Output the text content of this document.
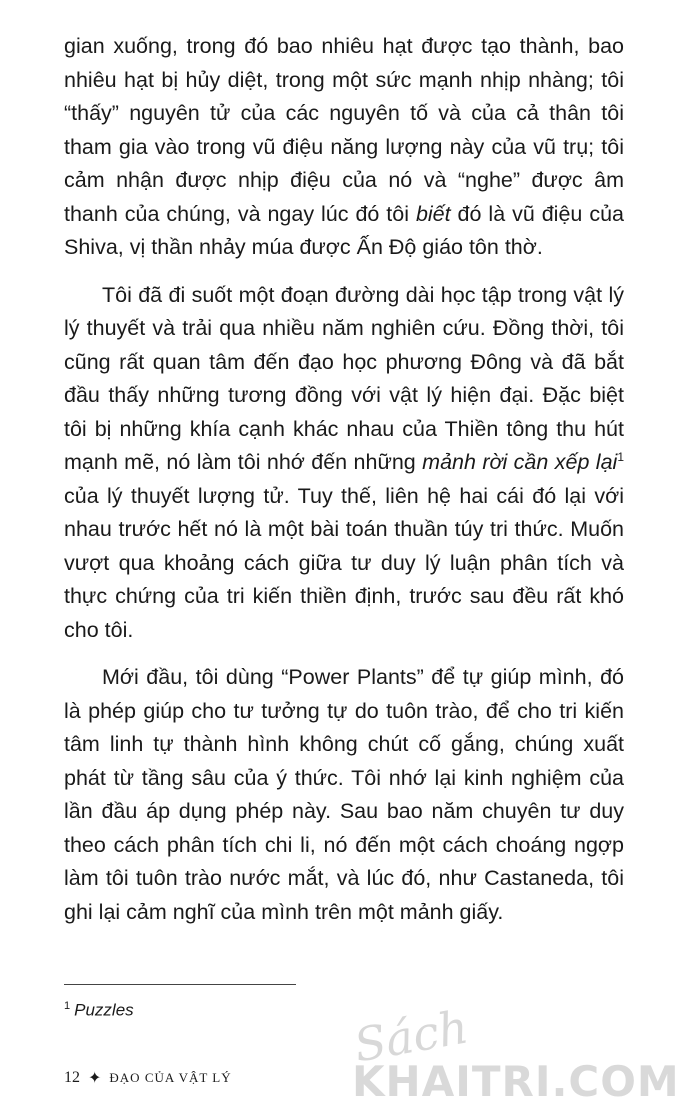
gian xuống, trong đó bao nhiêu hạt được tạo thành, bao nhiêu hạt bị hủy diệt, trong một sức mạnh nhịp nhàng; tôi “thấy” nguyên tử của các nguyên tố và của cả thân tôi tham gia vào trong vũ điệu năng lượng này của vũ trụ; tôi cảm nhận được nhịp điệu của nó và “nghe” được âm thanh của chúng, và ngay lúc đó tôi biết đó là vũ điệu của Shiva, vị thần nhảy múa được Ấn Độ giáo tôn thờ.

Tôi đã đi suốt một đoạn đường dài học tập trong vật lý lý thuyết và trải qua nhiều năm nghiên cứu. Đồng thời, tôi cũng rất quan tâm đến đạo học phương Đông và đã bắt đầu thấy những tương đồng với vật lý hiện đại. Đặc biệt tôi bị những khía cạnh khác nhau của Thiền tông thu hút mạnh mẽ, nó làm tôi nhớ đến những mảnh rời cần xếp lại$^1$ của lý thuyết lượng tử. Tuy thế, liên hệ hai cái đó lại với nhau trước hết nó là một bài toán thuần túy tri thức. Muốn vượt qua khoảng cách giữa tư duy lý luận phân tích và thực chứng của tri kiến thiền định, trước sau đều rất khó cho tôi.

Mới đầu, tôi dùng “Power Plants” để tự giúp mình, đó là phép giúp cho tư tưởng tự do tuôn trào, để cho tri kiến tâm linh tự thành hình không chút cố gắng, chúng xuất phát từ tầng sâu của ý thức. Tôi nhớ lại kinh nghiệm của lần đầu áp dụng phép này. Sau bao năm chuyên tư duy theo cách phân tích chi li, nó đến một cách choáng ngợp làm tôi tuôn trào nước mắt, và lúc đó, như Castaneda, tôi ghi lại cảm nghĩ của mình trên một mảnh giấy.

$^1$ Puzzles
12 ✦ ĐẠO CỦA VẬT LÝ
Sách
KHAITRI.COM
